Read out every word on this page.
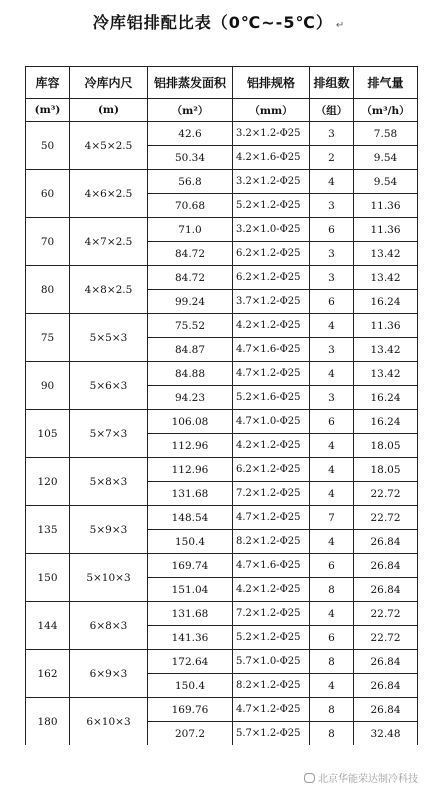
冷库铝排配比表（0℃~-5℃） ↵
库容	冷库内尺	铝排蒸发面积	铝排规格	排组数	排气量
(m³)	(m)	（m²）	（mm）	（组）	（m³/h）
50	4×5×2.5	42.6	3.2×1.2-Φ25	3	7.58
		50.34	4.2×1.6-Φ25	2	9.54
60	4×6×2.5	56.8	3.2×1.2-Φ25	4	9.54
		70.68	5.2×1.2-Φ25	3	11.36
70	4×7×2.5	71.0	3.2×1.0-Φ25	6	11.36
		84.72	6.2×1.2-Φ25	3	13.42
80	4×8×2.5	84.72	6.2×1.2-Φ25	3	13.42
		99.24	3.7×1.2-Φ25	6	16.24
75	5×5×3	75.52	4.2×1.2-Φ25	4	11.36
		84.87	4.7×1.6-Φ25	3	13.42
90	5×6×3	84.88	4.7×1.2-Φ25	4	13.42
		94.23	5.2×1.6-Φ25	3	16.24
105	5×7×3	106.08	4.7×1.0-Φ25	6	16.24
		112.96	4.2×1.2-Φ25	4	18.05
120	5×8×3	112.96	6.2×1.2-Φ25	4	18.05
		131.68	7.2×1.2-Φ25	4	22.72
135	5×9×3	148.54	4.7×1.2-Φ25	7	22.72
		150.4	8.2×1.2-Φ25	4	26.84
150	5×10×3	169.74	4.7×1.6-Φ25	6	26.84
		151.04	4.2×1.2-Φ25	8	26.84
144	6×8×3	131.68	7.2×1.2-Φ25	4	22.72
		141.36	5.2×1.2-Φ25	6	22.72
162	6×9×3	172.64	5.7×1.0-Φ25	8	26.84
		150.4	8.2×1.2-Φ25	4	26.84
180	6×10×3	169.76	4.7×1.2-Φ25	8	26.84
		207.2	5.7×1.2-Φ25	8	32.48
北京华能荣达制冷科技
